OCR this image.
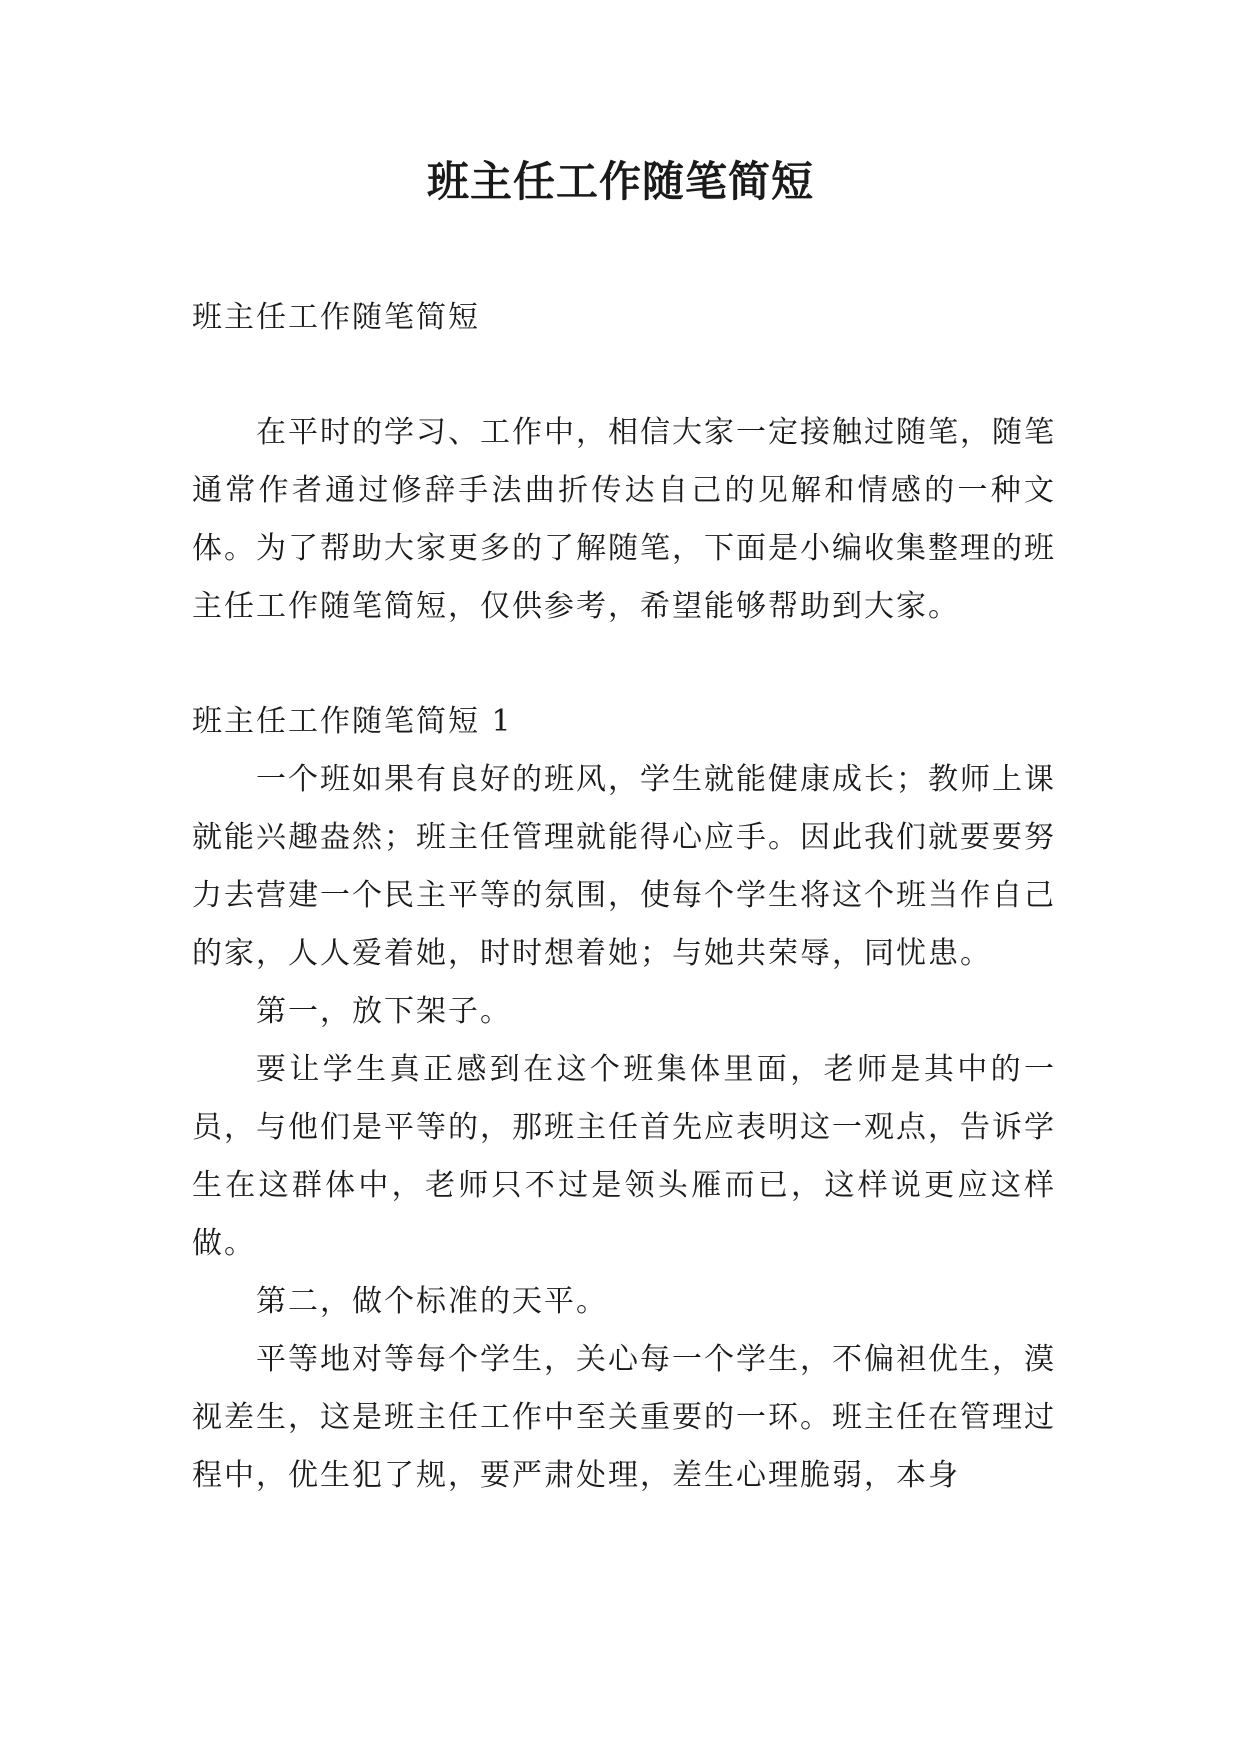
班主任工作随笔简短

班主任工作随笔简短

在平时的学习、工作中，相信大家一定接触过随笔，随笔通常作者通过修辞手法曲折传达自己的见解和情感的一种文体。为了帮助大家更多的了解随笔，下面是小编收集整理的班主任工作随笔简短，仅供参考，希望能够帮助到大家。

班主任工作随笔简短 1

一个班如果有良好的班风，学生就能健康成长；教师上课就能兴趣盎然；班主任管理就能得心应手。因此我们就要要努力去营建一个民主平等的氛围，使每个学生将这个班当作自己的家，人人爱着她，时时想着她；与她共荣辱，同忧患。

第一，放下架子。

要让学生真正感到在这个班集体里面，老师是其中的一员，与他们是平等的，那班主任首先应表明这一观点，告诉学生在这群体中，老师只不过是领头雁而已，这样说更应这样做。

第二，做个标准的天平。

平等地对等每个学生，关心每一个学生，不偏袒优生，漠视差生，这是班主任工作中至关重要的一环。班主任在管理过程中，优生犯了规，要严肃处理，差生心理脆弱，本身
